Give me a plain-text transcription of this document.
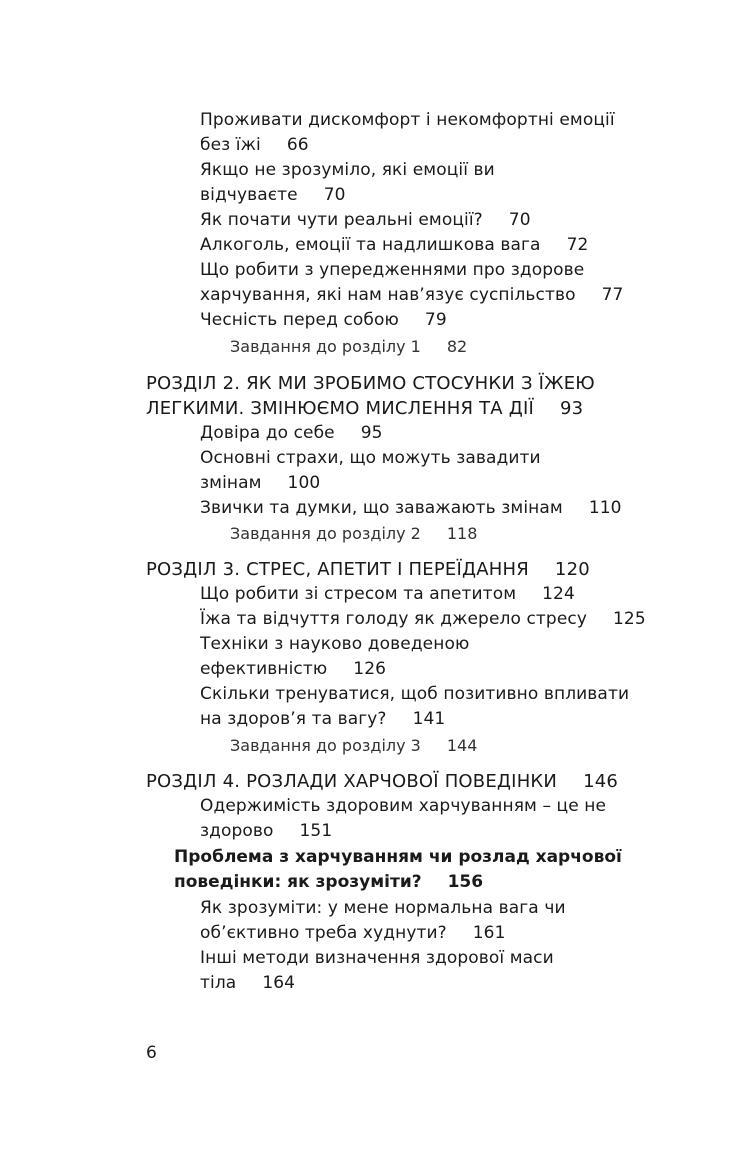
Проживати дискомфорт і некомфортні емоції
без їжі 66
Якщо не зрозуміло, які емоції ви
відчуваєте 70
Як почати чути реальні емоції? 70
Алкоголь, емоції та надлишкова вага 72
Що робити з упередженнями про здорове
харчування, які нам нав’язує суспільство 77
Чесність перед собою 79
Завдання до розділу 1 82
РОЗДІЛ 2. ЯК МИ ЗРОБИМО СТОСУНКИ З ЇЖЕЮ
ЛЕГКИМИ. ЗМІНЮЄМО МИСЛЕННЯ ТА ДІЇ 93
Довіра до себе 95
Основні страхи, що можуть завадити
змінам 100
Звички та думки, що заважають змінам 110
Завдання до розділу 2 118
РОЗДІЛ 3. СТРЕС, АПЕТИТ І ПЕРЕЇДАННЯ 120
Що робити зі стресом та апетитом 124
Їжа та відчуття голоду як джерело стресу 125
Техніки з науково доведеною
ефективністю 126
Скільки тренуватися, щоб позитивно впливати
на здоров’я та вагу? 141
Завдання до розділу 3 144
РОЗДІЛ 4. РОЗЛАДИ ХАРЧОВОЇ ПОВЕДІНКИ 146
Одержимість здоровим харчуванням – це не
здорово 151
Проблема з харчуванням чи розлад харчової
поведінки: як зрозуміти? 156
Як зрозуміти: у мене нормальна вага чи
об’єктивно треба худнути? 161
Інші методи визначення здорової маси
тіла 164
6
